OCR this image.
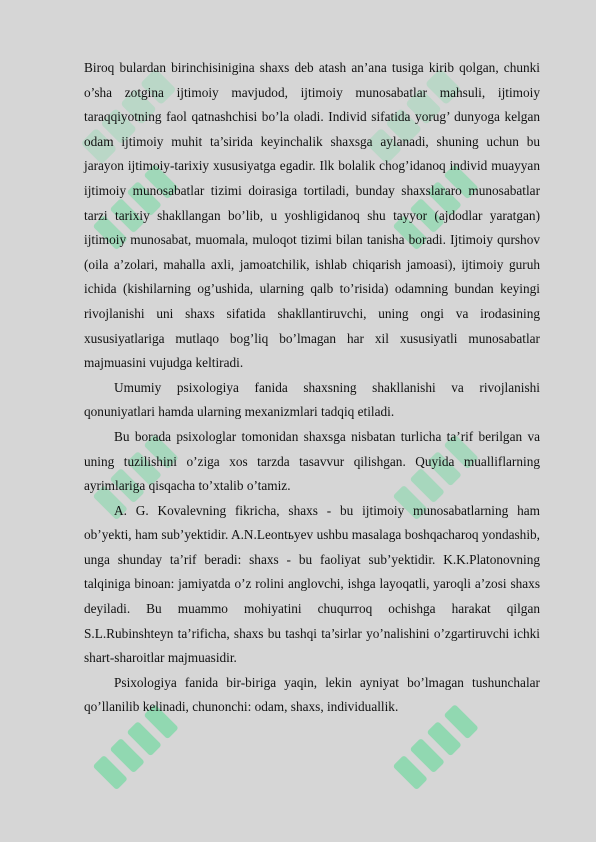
Biroq bulardan birinchisinigina shaxs deb atash an’ana tusiga kirib qolgan, chunki o’sha zotgina ijtimoiy mavjudod, ijtimoiy munosabatlar mahsuli, ijtimoiy taraqqiyotning faol qatnashchisi bo’la oladi. Individ sifatida yorug’ dunyoga kelgan odam ijtimoiy muhit ta’sirida keyinchalik shaxsga aylanadi, shuning uchun bu jarayon ijtimoiy-tarixiy xususiyatga egadir. Ilk bolalik chog’idanoq individ muayyan ijtimoiy munosabatlar tizimi doirasiga tortiladi, bunday shaxslararo munosabatlar tarzi tarixiy shakllangan bo’lib, u yoshligidanoq shu tayyor (ajdodlar yaratgan) ijtimoiy munosabat, muomala, muloqot tizimi bilan tanisha boradi. Ijtimoiy qurshov (oila a’zolari, mahalla axli, jamoatchilik, ishlab chiqarish jamoasi), ijtimoiy guruh ichida (kishilarning og’ushida, ularning qalb to’risida) odamning bundan keyingi rivojlanishi uni shaxs sifatida shakllantiruvchi, uning ongi va irodasining xususiyatlariga mutlaqo bog’liq bo’lmagan har xil xususiyatli munosabatlar majmuasini vujudga keltiradi.

Umumiy psixologiya fanida shaxsning shakllanishi va rivojlanishi qonuniyatlari hamda ularning mexanizmlari tadqiq etiladi.

Bu borada psixologlar tomonidan shaxsga nisbatan turlicha ta’rif berilgan va uning tuzilishini o’ziga xos tarzda tasavvur qilishgan. Quyida mualliflarning ayrimlariga qisqacha to’xtalib o’tamiz.

A. G. Kovalevning fikricha, shaxs - bu ijtimoiy munosabatlarning ham ob’yekti, ham sub’yektidir. A.N.Leontьyev ushbu masalaga boshqacharoq yondashib, unga shunday ta’rif beradi: shaxs - bu faoliyat sub’yektidir. K.K.Platonovning talqiniga binoan: jamiyatda o’z rolini anglovchi, ishga layoqatli, yaroqli a’zosi shaxs deyiladi. Bu muammo mohiyatini chuqurroq ochishga harakat qilgan S.L.Rubinshteyn ta’rificha, shaxs bu tashqi ta’sirlar yo’nalishini o’zgartiruvchi ichki shart-sharoitlar majmuasidir.

Psixologiya fanida bir-biriga yaqin, lekin ayniyat bo’lmagan tushunchalar qo’llanilib kelinadi, chunonchi: odam, shaxs, individuallik.
